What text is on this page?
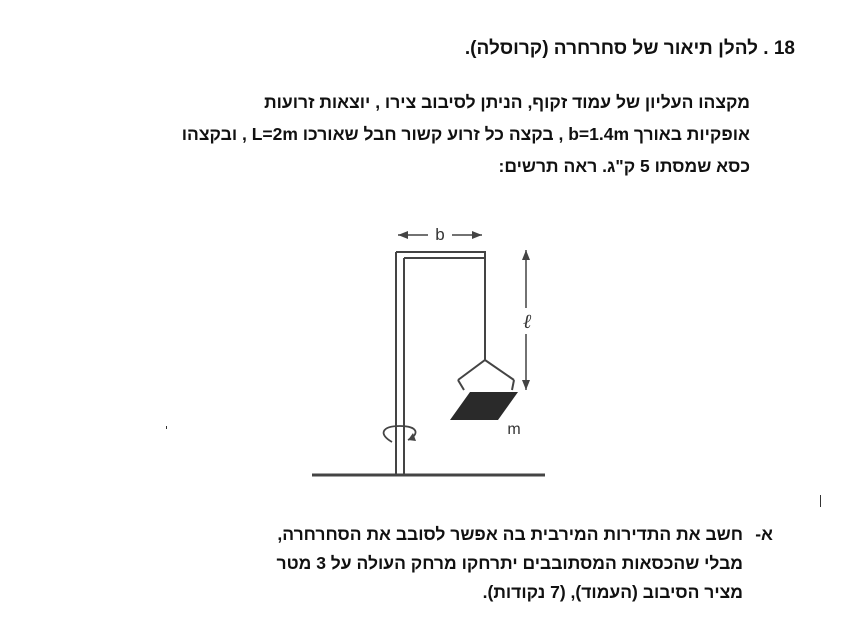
18 . להלן תיאור של סחרחרה (קרוסלה).
מקצהו העליון של עמוד זקוף, הניתן לסיבוב צירו , יוצאות זרועות
אופקיות באורך b=1.4m , בקצה כל זרוע קשור חבל שאורכו L=2m , ובקצהו
כסא שמסתו 5 ק"ג. ראה תרשים:
b
ℓ
m
א-חשב את התדירות המירבית בה אפשר לסובב את הסחרחרה,
מבלי שהכסאות המסתובבים יתרחקו מרחק העולה על 3 מטר
מציר הסיבוב (העמוד), (7 נקודות).
